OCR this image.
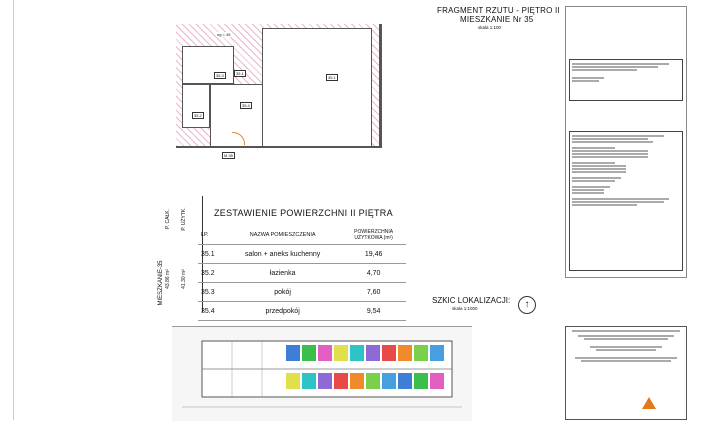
ng = 45
35.3
35.2
35.4
35.1
35.1
M.35
FRAGMENT RZUTU - PIĘTRO II
MIESZKANIE Nr 35
skala 1:100
MIESZKANIE-35
P. CAŁK. P. UŻYTK.
43.86 m² 41.30 m²
ZESTAWIENIE POWIERZCHNI II PIĘTRA
LP.	NAZWA POMIESZCZENIA	POWIERZCHNIA
UŻYTKOWA (m²)
35.1	salon + aneks kuchenny	19,46
35.2	łazienka	4,70
35.3	pokój	7,60
35.4	przedpokój	9,54
SZKIC LOKALIZACJI:
skala 1:1000	↑
